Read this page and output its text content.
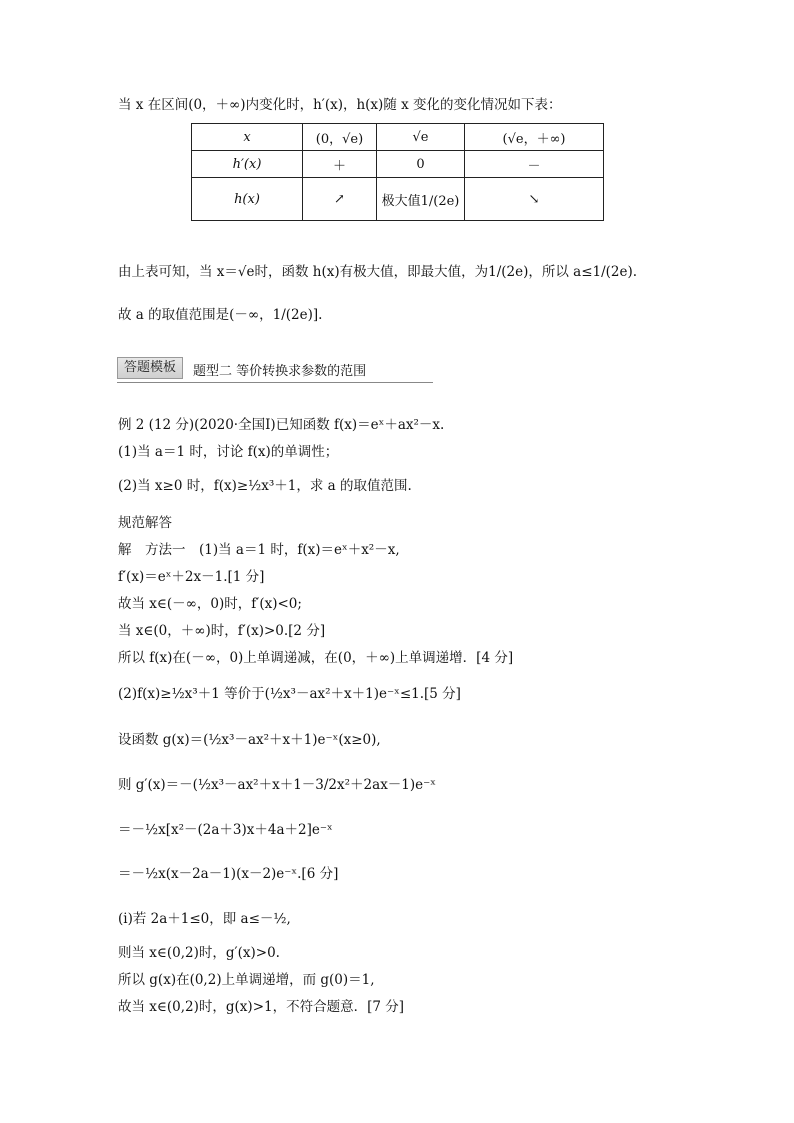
当 x 在区间(0，＋∞)内变化时，h′(x)，h(x)随 x 变化的变化情况如下表：
x	(0，√e)	√e	(√e，＋∞)
h′(x)	＋	0	－
h(x)	↗	极大值1/(2e)	↘
由上表可知，当 x＝√e时，函数 h(x)有极大值，即最大值，为1/(2e)，所以 a≤1/(2e).
故 a 的取值范围是(－∞，1/(2e)].
答题模板	题型二 等价转换求参数的范围
例 2 (12 分)(2020·全国Ⅰ)已知函数 f(x)＝eˣ＋ax²－x.
(1)当 a＝1 时，讨论 f(x)的单调性；
(2)当 x≥0 时，f(x)≥½x³＋1，求 a 的取值范围.
规范解答
解　方法一　(1)当 a＝1 时，f(x)＝eˣ＋x²－x,
f′(x)＝eˣ＋2x－1.[1 分]
故当 x∈(－∞，0)时，f′(x)<0;
当 x∈(0，＋∞)时，f′(x)>0.[2 分]
所以 f(x)在(－∞，0)上单调递减，在(0，＋∞)上单调递增．[4 分]
(2)f(x)≥½x³＋1 等价于(½x³－ax²＋x＋1)e⁻ˣ≤1.[5 分]
设函数 g(x)＝(½x³－ax²＋x＋1)e⁻ˣ(x≥0),
则 g′(x)＝－(½x³－ax²＋x＋1－3/2x²＋2ax－1)e⁻ˣ
＝－½x[x²－(2a＋3)x＋4a＋2]e⁻ˣ
＝－½x(x－2a－1)(x－2)e⁻ˣ.[6 分]
(ⅰ)若 2a＋1≤0，即 a≤－½,
则当 x∈(0,2)时，g′(x)>0.
所以 g(x)在(0,2)上单调递增，而 g(0)＝1,
故当 x∈(0,2)时，g(x)>1，不符合题意．[7 分]
